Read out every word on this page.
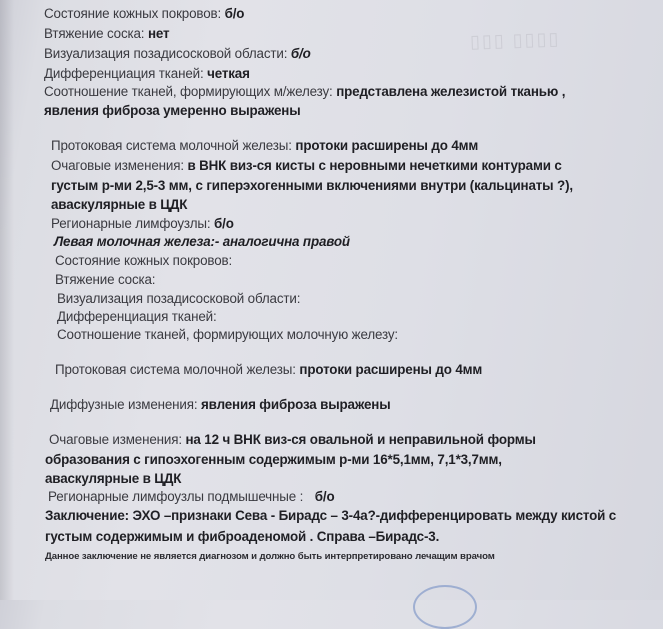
▯▯▯ ▯▯▯▯
Состояние кожных покровов: б/о
Втяжение соска: нет
Визуализация позадисосковой области: б/о
Дифференциация тканей: четкая
Соотношение тканей, формирующих м/железу: представлена железистой тканью ,
явления фиброза умеренно выражены
Протоковая система молочной железы: протоки расширены до 4мм
Очаговые изменения: в ВНК виз-ся кисты с неровными нечеткими контурами с
густым р-ми 2,5-3 мм, с гиперэхогенными включениями внутри (кальцинаты ?),
аваскулярные в ЦДК
Регионарные лимфоузлы: б/о
Левая молочная железа:- аналогична правой
Состояние кожных покровов:
Втяжение соска:
Визуализация позадисосковой области:
Дифференциация тканей:
Соотношение тканей, формирующих молочную железу:
Протоковая система молочной железы: протоки расширены до 4мм
Диффузные изменения: явления фиброза выражены
Очаговые изменения: на 12 ч ВНК виз-ся овальной и неправильной формы
образования с гипоэхогенным содержимым р-ми 16*5,1мм, 7,1*3,7мм,
аваскулярные в ЦДК
Регионарные лимфоузлы подмышечные : б/о
Заключение: ЭХО –признаки Сева - Бирадс – 3-4а?-дифференцировать между кистой с
густым содержимым и фиброаденомой . Справа –Бирадс-3.
Данное заключение не является диагнозом и должно быть интерпретировано лечащим врачом
